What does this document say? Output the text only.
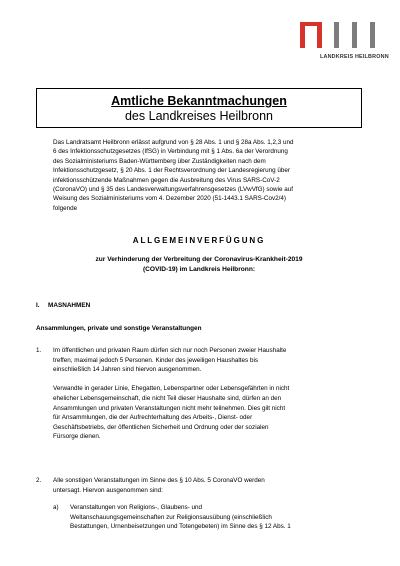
LANDKREIS HEILBRONN
Amtliche Bekanntmachungen
des Landkreises Heilbronn
Das Landratsamt Heilbronn erlässt aufgrund von § 28 Abs. 1 und § 28a Abs. 1,2,3 und
6 des Infektionsschutzgesetzes (IfSG) in Verbindung mit § 1 Abs. 6a der Verordnung
des Sozialministeriums Baden-Württemberg über Zuständigkeiten nach dem
Infektionsschutzgesetz, § 20 Abs. 1 der Rechtsverordnung der Landesregierung über
infektionsschützende Maßnahmen gegen die Ausbreitung des Virus SARS-CoV-2
(CoronaVO) und § 35 des Landesverwaltungsverfahrensgesetzes (LVwVfG) sowie auf
Weisung des Sozialministeriums vom 4. Dezember 2020 (51-1443.1 SARS-Cov2/4)
folgende
ALLGEMEINVERFÜGUNG
zur Verhinderung der Verbreitung der Coronavirus-Krankheit-2019
(COVID-19) im Landkreis Heilbronn:
I. MASNAHMEN
Ansammlungen, private und sonstige Veranstaltungen
1. Im öffentlichen und privaten Raum dürfen sich nur noch Personen zweier Haushalte
treffen, maximal jedoch 5 Personen. Kinder des jeweiligen Haushaltes bis
einschließlich 14 Jahren sind hiervon ausgenommen.
Verwandte in gerader Linie, Ehegatten, Lebenspartner oder Lebensgefährten in nicht
ehelicher Lebensgemeinschaft, die nicht Teil dieser Haushalte sind, dürfen an den
Ansammlungen und privaten Veranstaltungen nicht mehr teilnehmen. Dies gilt nicht
für Ansammlungen, die der Aufrechterhaltung des Arbeits-, Dienst- oder
Geschäftsbetriebs, der öffentlichen Sicherheit und Ordnung oder der sozialen
Fürsorge dienen.
2. Alle sonstigen Veranstaltungen im Sinne des § 10 Abs. 5 CoronaVO werden
untersagt. Hiervon ausgenommen sind:
a) Veranstaltungen von Religions-, Glaubens- und
Weltanschauungsgemeinschaften zur Religionsausübung (einschließlich
Bestattungen, Urnenbeisetzungen und Totengebeten) im Sinne des § 12 Abs. 1
